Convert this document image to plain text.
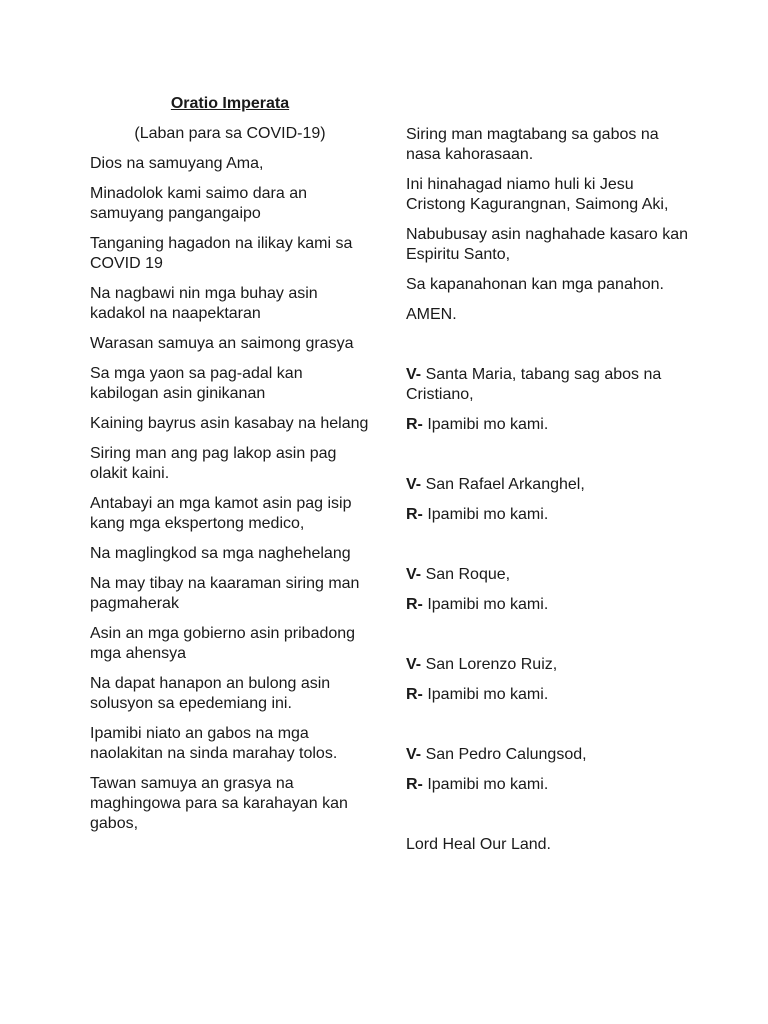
Oratio Imperata
(Laban para sa COVID-19)
Dios na samuyang Ama,
Minadolok kami saimo dara an samuyang pangangaipo
Tanganing hagadon na ilikay kami sa COVID 19
Na nagbawi nin mga buhay asin kadakol na naapektaran
Warasan samuya an saimong grasya
Sa mga yaon sa pag-adal kan kabilogan asin ginikanan
Kaining bayrus asin kasabay na helang
Siring man ang pag lakop asin pag olakit kaini.
Antabayi an mga kamot asin pag isip kang mga ekspertong medico,
Na maglingkod sa mga naghehelang
Na may tibay na kaaraman siring man pagmaherak
Asin an mga gobierno asin pribadong mga ahensya
Na dapat hanapon an bulong asin solusyon sa epedemiang ini.
Ipamibi niato an gabos na mga naolakitan na sinda marahay tolos.
Tawan samuya an grasya na maghingowa para sa karahayan kan gabos,
Siring man magtabang sa gabos na nasa kahorasaan.
Ini hinahagad niamo huli ki Jesu Cristong Kagurangnan, Saimong Aki,
Nabubusay asin naghahade kasaro kan Espiritu Santo,
Sa kapanahonan kan mga panahon.
AMEN.
V- Santa Maria, tabang sag abos na Cristiano,
R- Ipamibi mo kami.
V- San Rafael Arkanghel,
R- Ipamibi mo kami.
V- San Roque,
R- Ipamibi mo kami.
V- San Lorenzo Ruiz,
R- Ipamibi mo kami.
V- San Pedro Calungsod,
R- Ipamibi mo kami.
Lord Heal Our Land.
